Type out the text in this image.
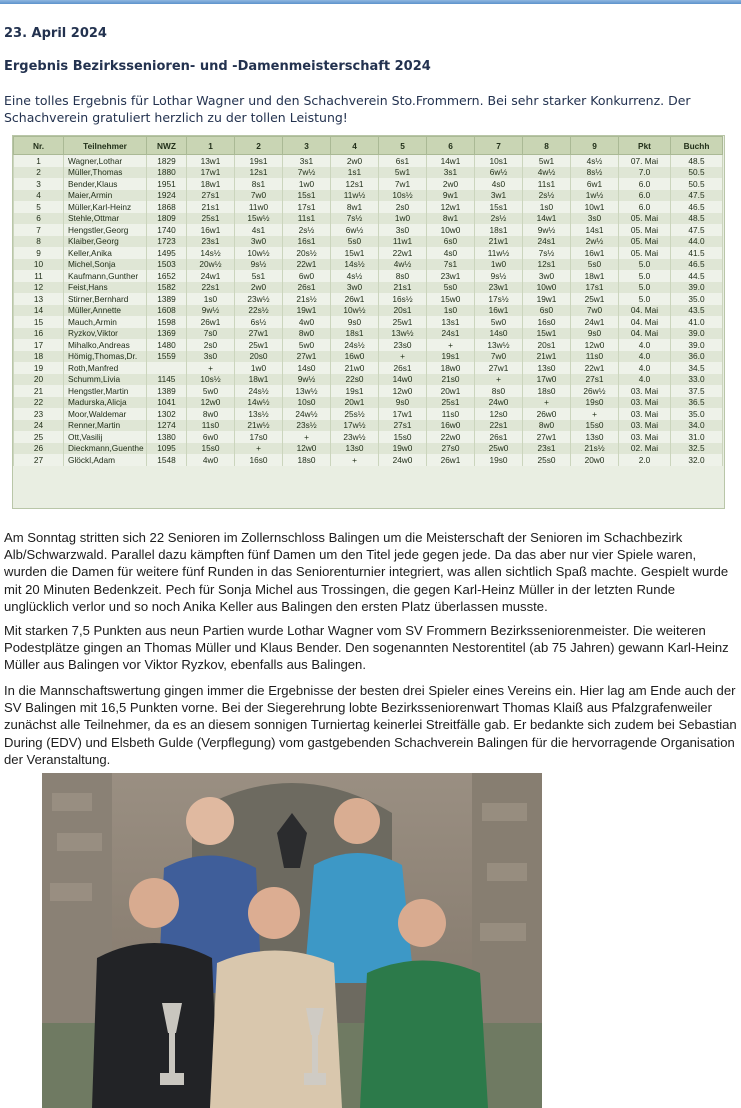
23. April 2024
Ergebnis Bezirkssenioren- und -Damenmeisterschaft 2024
Eine tolles Ergebnis für Lothar Wagner und den Schachverein Sto.Frommern. Bei sehr starker Konkurrenz. Der Schachverein gratuliert herzlich zu der tollen Leistung!
Nr.	Teilnehmer	NWZ	1	2	3	4	5	6	7	8	9	Pkt	Buchh
1	Wagner,Lothar	1829	13w1	19s1	3s1	2w0	6s1	14w1	10s1	5w1	4s½	07. Mai	48.5
2	Müller,Thomas	1880	17w1	12s1	7w½	1s1	5w1	3s1	6w½	4w½	8s½	7.0	50.5
3	Bender,Klaus	1951	18w1	8s1	1w0	12s1	7w1	2w0	4s0	11s1	6w1	6.0	50.5
4	Maier,Armin	1924	27s1	7w0	15s1	11w½	10s½	9w1	3w1	2s½	1w½	6.0	47.5
5	Müller,Karl-Heinz	1868	21s1	11w0	17s1	8w1	2s0	12w1	15s1	1s0	10w1	6.0	46.5
6	Stehle,Ottmar	1809	25s1	15w½	11s1	7s½	1w0	8w1	2s½	14w1	3s0	05. Mai	48.5
7	Hengstler,Georg	1740	16w1	4s1	2s½	6w½	3s0	10w0	18s1	9w½	14s1	05. Mai	47.5
8	Klaiber,Georg	1723	23s1	3w0	16s1	5s0	11w1	6s0	21w1	24s1	2w½	05. Mai	44.0
9	Keller,Anika	1495	14s½	10w½	20s½	15w1	22w1	4s0	11w½	7s½	16w1	05. Mai	41.5
10	Michel,Sonja	1503	20w½	9s½	22w1	14s½	4w½	7s1	1w0	12s1	5s0	5.0	46.5
11	Kaufmann,Gunther	1652	24w1	5s1	6w0	4s½	8s0	23w1	9s½	3w0	18w1	5.0	44.5
12	Feist,Hans	1582	22s1	2w0	26s1	3w0	21s1	5s0	23w1	10w0	17s1	5.0	39.0
13	Stirner,Bernhard	1389	1s0	23w½	21s½	26w1	16s½	15w0	17s½	19w1	25w1	5.0	35.0
14	Müller,Annette	1608	9w½	22s½	19w1	10w½	20s1	1s0	16w1	6s0	7w0	04. Mai	43.5
15	Mauch,Armin	1598	26w1	6s½	4w0	9s0	25w1	13s1	5w0	16s0	24w1	04. Mai	41.0
16	Ryzkov,Viktor	1369	7s0	27w1	8w0	18s1	13w½	24s1	14s0	15w1	9s0	04. Mai	39.0
17	Mihalko,Andreas	1480	2s0	25w1	5w0	24s½	23s0	+	13w½	20s1	12w0	4.0	39.0
18	Hömig,Thomas,Dr.	1559	3s0	20s0	27w1	16w0	+	19s1	7w0	21w1	11s0	4.0	36.0
19	Roth,Manfred		+	1w0	14s0	21w0	26s1	18w0	27w1	13s0	22w1	4.0	34.5
20	Schumm,Livia	1145	10s½	18w1	9w½	22s0	14w0	21s0	+	17w0	27s1	4.0	33.0
21	Hengstler,Martin	1389	5w0	24s½	13w½	19s1	12w0	20w1	8s0	18s0	26w½	03. Mai	37.5
22	Madurska,Alicja	1041	12w0	14w½	10s0	20w1	9s0	25s1	24w0	+	19s0	03. Mai	36.5
23	Moor,Waldemar	1302	8w0	13s½	24w½	25s½	17w1	11s0	12s0	26w0	+	03. Mai	35.0
24	Renner,Martin	1274	11s0	21w½	23s½	17w½	27s1	16w0	22s1	8w0	15s0	03. Mai	34.0
25	Ott,Vasilij	1380	6w0	17s0	+	23w½	15s0	22w0	26s1	27w1	13s0	03. Mai	31.0
26	Dieckmann,Guenthe	1095	15s0	+	12w0	13s0	19w0	27s0	25w0	23s1	21s½	02. Mai	32.5
27	Glöckl,Adam	1548	4w0	16s0	18s0	+	24w0	26w1	19s0	25s0	20w0	2.0	32.0
Am Sonntag stritten sich 22 Senioren im Zollernschloss Balingen um die Meisterschaft der Senioren im Schachbezirk Alb/Schwarzwald. Parallel dazu kämpften fünf Damen um den Titel jede gegen jede. Da das aber nur vier Spiele waren, wurden die Damen für weitere fünf Runden in das Seniorenturnier integriert, was allen sichtlich Spaß machte. Gespielt wurde mit 20 Minuten Bedenkzeit. Pech für Sonja Michel aus Trossingen, die gegen Karl-Heinz Müller in der letzten Runde unglücklich verlor und so noch Anika Keller aus Balingen den ersten Platz überlassen musste.
Mit starken 7,5 Punkten aus neun Partien wurde Lothar Wagner vom SV Frommern Bezirksseniorenmeister. Die weiteren Podestplätze gingen an Thomas Müller und Klaus Bender. Den sogenannten Nestorentitel (ab 75 Jahren) gewann Karl-Heinz Müller aus Balingen vor Viktor Ryzkov, ebenfalls aus Balingen.
In die Mannschaftswertung gingen immer die Ergebnisse der besten drei Spieler eines Vereins ein. Hier lag am Ende auch der SV Balingen mit 16,5 Punkten vorne. Bei der Siegerehrung lobte Bezirksseniorenwart Thomas Klaiß aus Pfalzgrafenweiler zunächst alle Teilnehmer, da es an diesem sonnigen Turniertag keinerlei Streitfälle gab. Er bedankte sich zudem bei Sebastian During (EDV) und Elsbeth Gulde (Verpflegung) vom gastgebenden Schachverein Balingen für die hervorragende Organisation der Veranstaltung.
